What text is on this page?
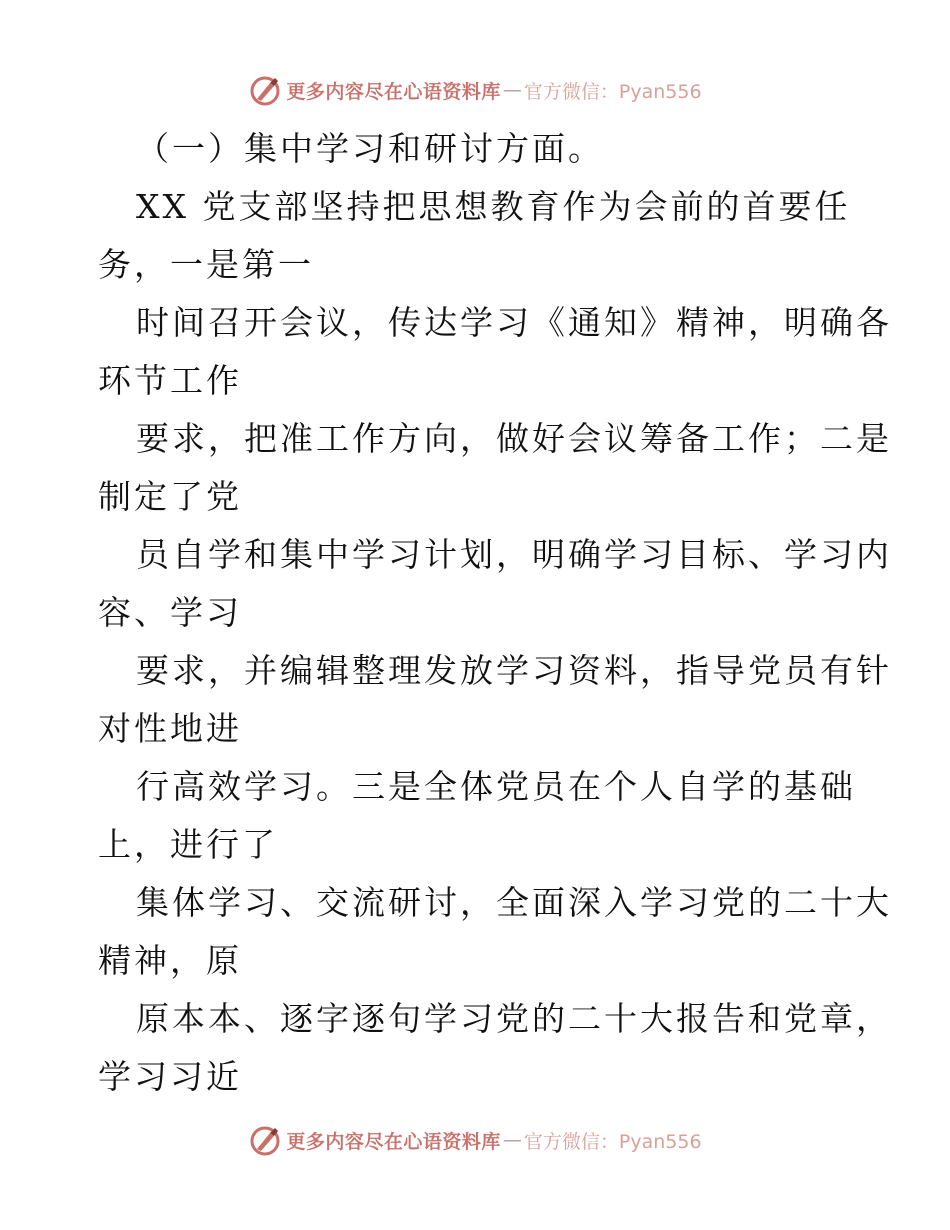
更多内容尽在心语资料库 — 官方微信：Pyan556
（一）集中学习和研讨方面。
XX 党支部坚持把思想教育作为会前的首要任
务，一是第一
时间召开会议，传达学习《通知》精神，明确各
环节工作
要求，把准工作方向，做好会议筹备工作；二是
制定了党
员自学和集中学习计划，明确学习目标、学习内
容、学习
要求，并编辑整理发放学习资料，指导党员有针
对性地进
行高效学习。三是全体党员在个人自学的基础
上，进行了
集体学习、交流研讨，全面深入学习党的二十大
精神，原
原本本、逐字逐句学习党的二十大报告和党章，
学习习近
更多内容尽在心语资料库 — 官方微信：Pyan556
